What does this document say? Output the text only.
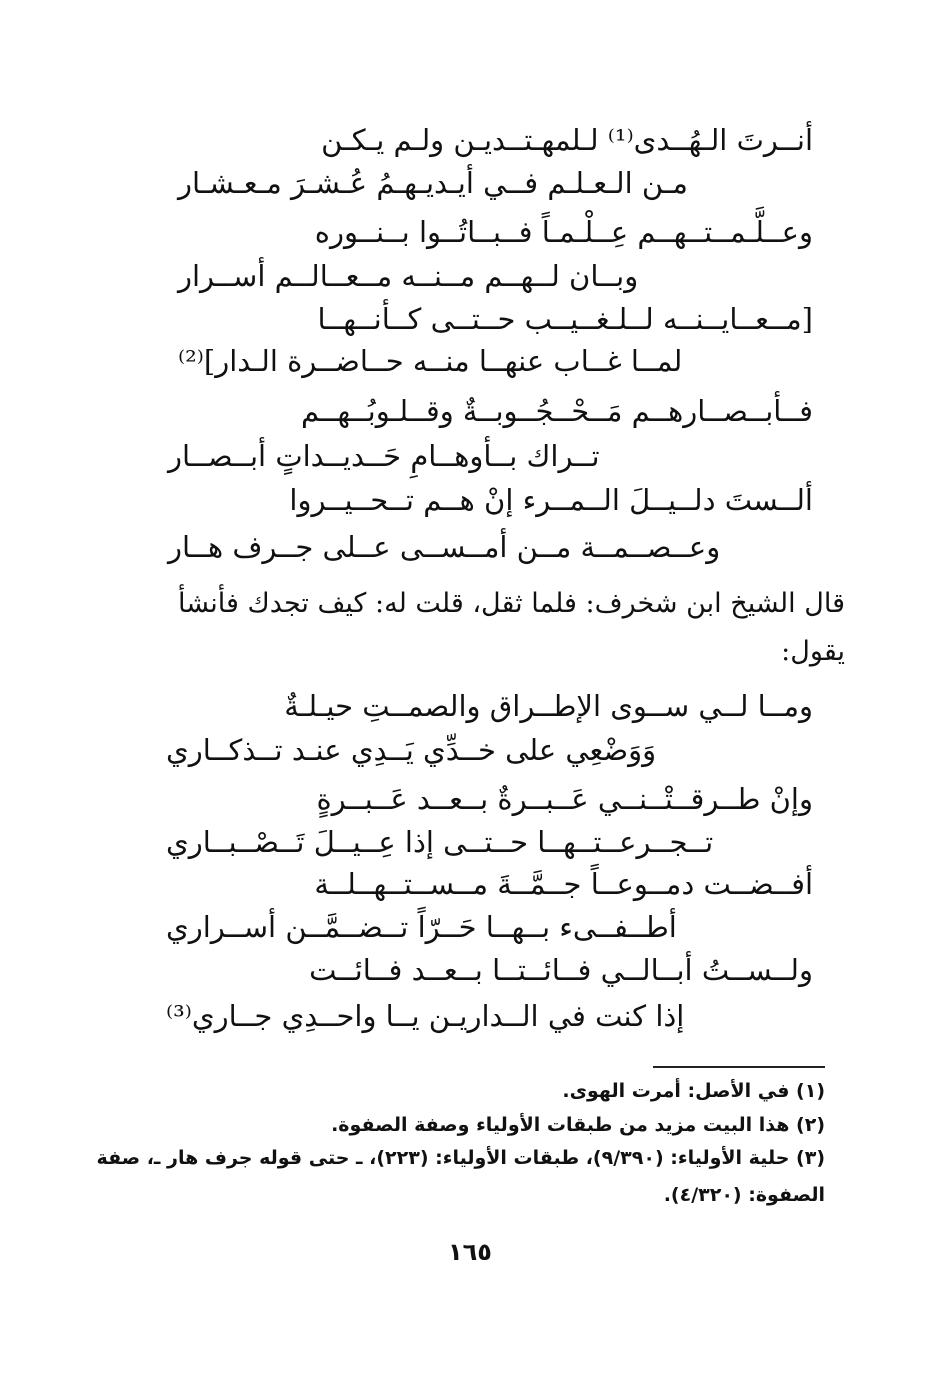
أنــرتَ الـهُــدى⁽¹⁾ لـلمهـتــديـن ولـم يـكـن
مـن الـعـلـم فــي أيـديـهـمُ عُـشـرَ مـعـشـار
وعــلَّـمــتــهــم عِــلْـمـاً فــبــاتُــوا بــنــوره
وبــان لــهــم مــنــه مــعــالــم أســرار
[مــعــايــنــه لــلـغــيــب حــتــى كــأنــهــا
لمــا غــاب عنهــا منــه حــاضــرة الـدار]⁽²⁾
فــأبــصــارهــم مَــحْــجُــوبــةٌ وقــلـوبُــهــم
تــراك بــأوهــامِ حَــديــداتٍ أبــصــار
ألــستَ دلــيــلَ الــمــرء إنْ هــم تــحــيــروا
وعــصــمــة مــن أمــســى عــلى جــرف هــار
قال الشيخ ابن شخرف: فلما ثقل، قلت له: كيف تجدك فأنشأ
يقول:
ومــا لــي ســوى الإطــراق والصمــتِ حيـلـةٌ
وَوَضْعِي على خــدِّي يَــدِي عنـد تــذكــاري
وإنْ طــرقــتْــنــي عَــبــرةٌ بــعــد عَــبــرةٍ
تــجــرعــتــهــا حــتــى إذا عِــيــلَ تَــصْــبــاري
أفــضــت دمــوعــاً جــمَّــةَ مــســتــهــلــة
أطــفــىء بــهــا حَــرّاً تــضــمَّــن أســراري
ولــســتُ أبــالــي فــائــتــا بــعــد فــائــت
إذا كنت في الــداريـن يــا واحــدِي جــاري⁽³⁾
(١) في الأصل: أمرت الهوى.
(٢) هذا البيت مزيد من طبقات الأولياء وصفة الصفوة.
(٣) حلية الأولياء: (٩/٣٩٠)، طبقات الأولياء: (٢٢٣)، ـ حتى قوله جرف هار ـ، صفة
الصفوة: (٤/٣٢٠).
١٦٥
